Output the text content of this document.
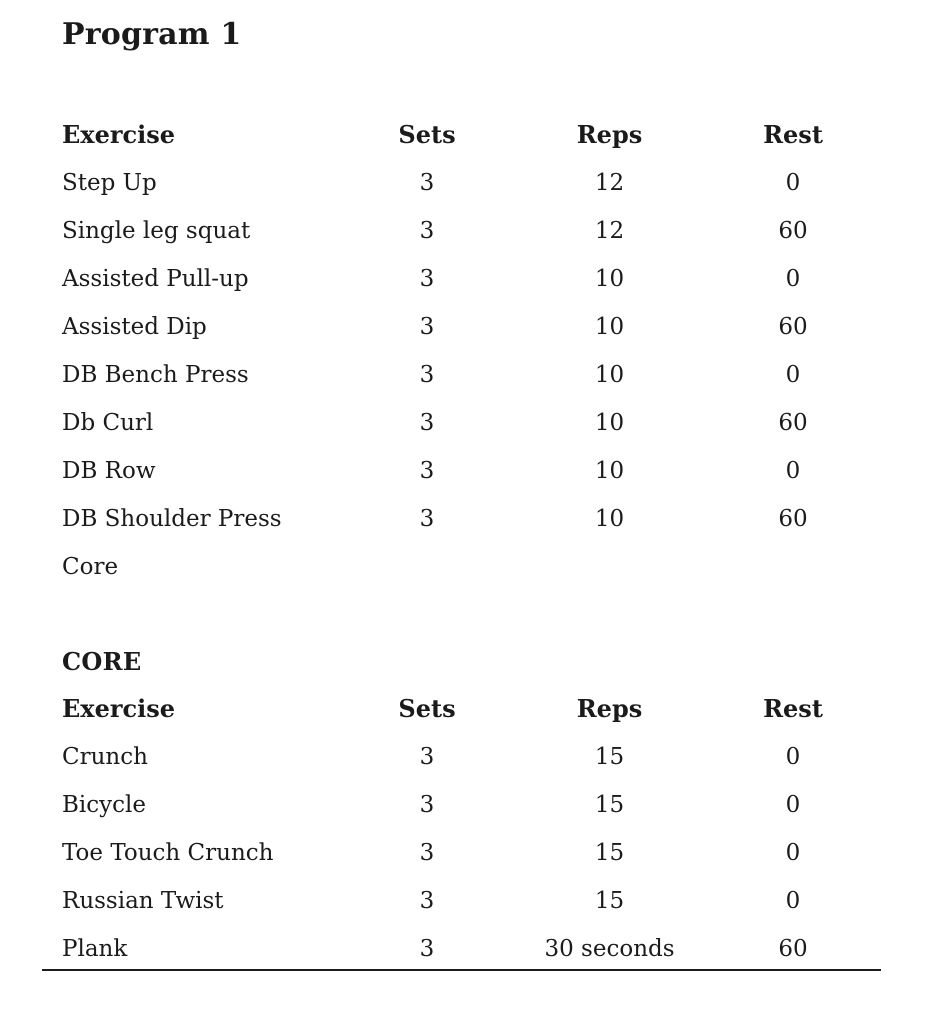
Program 1
Exercise	Sets	Reps	Rest
Step Up	3	12	0
Single leg squat	3	12	60
Assisted Pull-up	3	10	0
Assisted Dip	3	10	60
DB Bench Press	3	10	0
Db Curl	3	10	60
DB Row	3	10	0
DB Shoulder Press	3	10	60
Core
CORE
Exercise	Sets	Reps	Rest
Crunch	3	15	0
Bicycle	3	15	0
Toe Touch Crunch	3	15	0
Russian Twist	3	15	0
Plank	3	30 seconds	60
